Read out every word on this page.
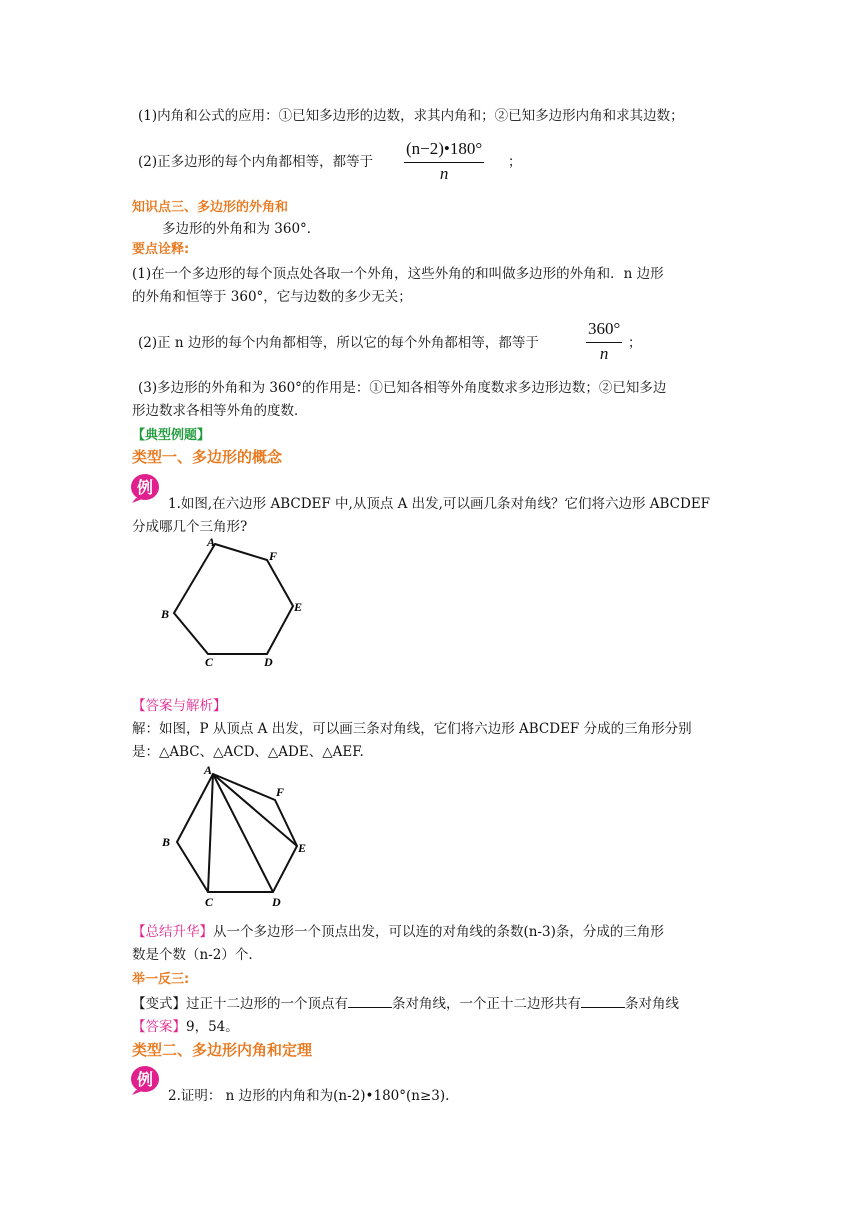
(1)内角和公式的应用：①已知多边形的边数，求其内角和；②已知多边形内角和求其边数；
(2)正多边形的每个内角都相等，都等于 $\frac{(n-2)•180^\circ}{n}$ ；
知识点三、多边形的外角和
多边形的外角和为 360°．
要点诠释:
(1)在一个多边形的每个顶点处各取一个外角，这些外角的和叫做多边形的外角和．n 边形
的外角和恒等于 360°，它与边数的多少无关；
(2)正 n 边形的每个内角都相等，所以它的每个外角都相等，都等于	$\frac{360^\circ}{n}$ ；
(3)多边形的外角和为 360°的作用是：①已知各相等外角度数求多边形边数；②已知多边
形边数求各相等外角的度数．
【典型例题】
类型一、多边形的概念
例
1.如图,在六边形 ABCDEF 中,从顶点 A 出发,可以画几条对角线？它们将六边形 ABCDEF
分成哪几个三角形?
A
F
E
D
C
B
【答案与解析】
解：如图，P 从顶点 A 出发，可以画三条对角线，它们将六边形 ABCDEF 分成的三角形分别
是：△ABC、△ACD、△ADE、△AEF.
A
F
E
D
C
B
【总结升华】从一个多边形一个顶点出发，可以连的对角线的条数(n-3)条，分成的三角形
数是个数（n-2）个.
举一反三:
【变式】过正十二边形的一个顶点有	条对角线，一个正十二边形共有	条对角线
【答案】9，54。
类型二、多边形内角和定理
例
2.证明： n 边形的内角和为(n-2)•180°(n≥3).
